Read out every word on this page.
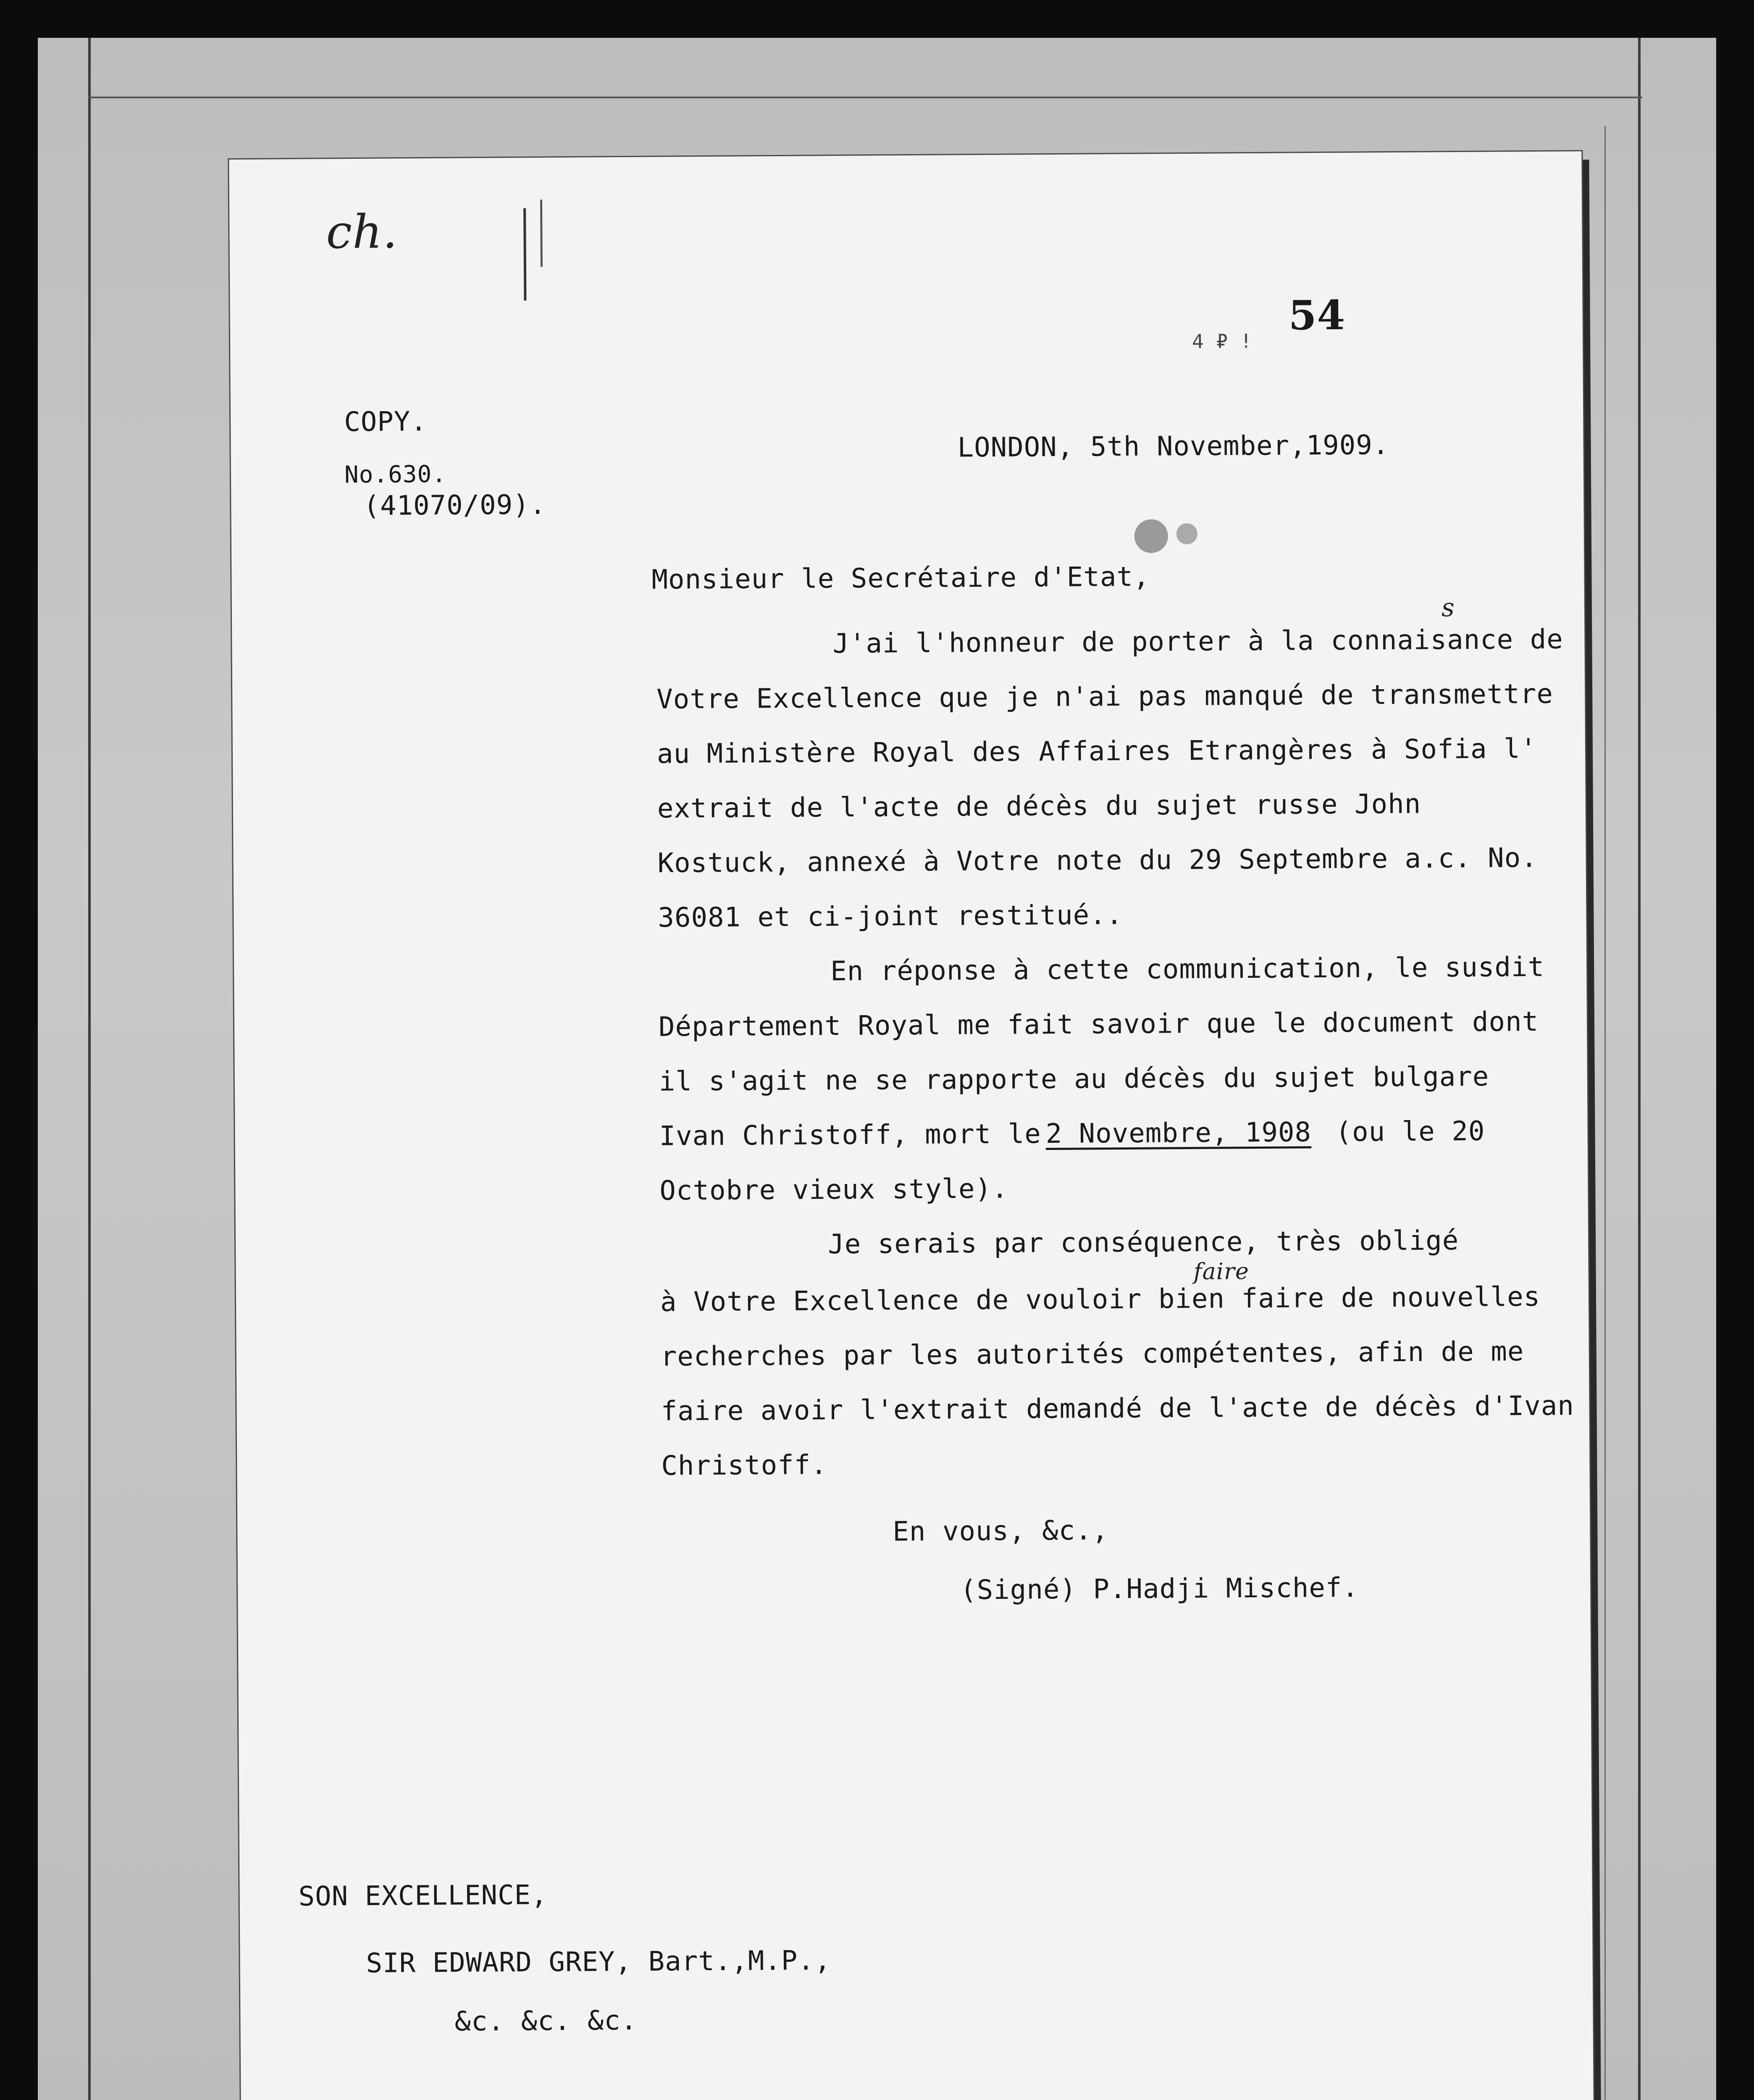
ch.
4 ₽ !
54
COPY.
LONDON, 5th November,1909.
No.630.
(41070/09).
Monsieur le Secrétaire d'Etat,
s
J'ai l'honneur de porter à la connaisance de
Votre Excellence que je n'ai pas manqué de transmettre
au Ministère Royal des Affaires Etrangères à Sofia l'
extrait de l'acte de décès du sujet russe John
Kostuck, annexé à Votre note du 29 Septembre a.c. No.
36081 et ci-joint restitué..
En réponse à cette communication, le susdit
Département Royal me fait savoir que le document dont
il s'agit ne se rapporte au décès du sujet bulgare
Ivan Christoff, mort le 2 Novembre, 1908 (ou le 20
Octobre vieux style).
Je serais par conséquence, très obligé
faire
à Votre Excellence de vouloir bien faire de nouvelles
recherches par les autorités compétentes, afin de me
faire avoir l'extrait demandé de l'acte de décès d'Ivan
Christoff.
En vous, &c.,
(Signé) P.Hadji Mischef.
SON EXCELLENCE,
SIR EDWARD GREY, Bart.,M.P.,
&c. &c. &c.
